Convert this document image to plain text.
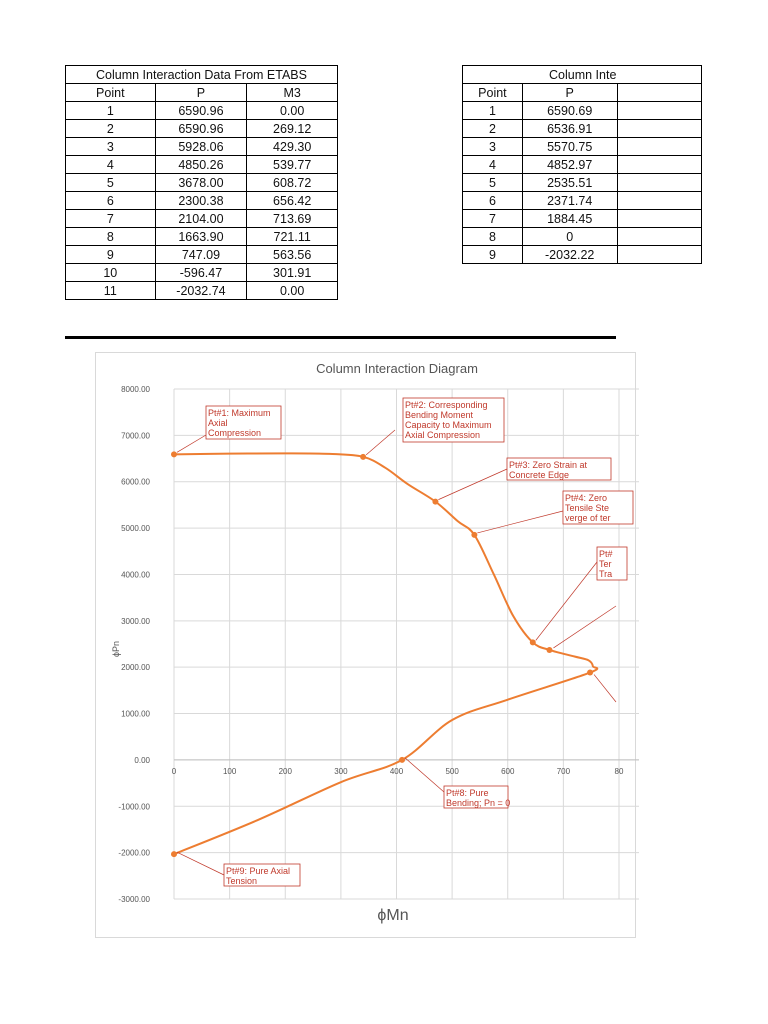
Column Interaction Data From ETABS		
Point	P	M3
1	6590.96	0.00
2	6590.96	269.12
3	5928.06	429.30
4	4850.26	539.77
5	3678.00	608.72
6	2300.38	656.42
7	2104.00	713.69
8	1663.90	721.11
9	747.09	563.56
10	-596.47	301.91
11	-2032.74	0.00
Column Inte		
Point	P	
1	6590.69	
2	6536.91	
3	5570.75	
4	4852.97	
5	2535.51	
6	2371.74	
7	1884.45	
8	0	
9	-2032.22	
8000.00
7000.00
6000.00
5000.00
4000.00
3000.00
2000.00
1000.00
0.00
-1000.00
-2000.00
-3000.00
0	100	200	300	400	500	600	700	80
Column Interaction Diagram
ϕMn
ϕPn
Pt#1: Maximum
Axial
Compression
Pt#2: Corresponding
Bending Moment
Capacity to Maximum
Axial Compression
Pt#3: Zero Strain at
Concrete Edge
Pt#4: Zero
Tensile Ste
verge of ter
Pt#
Ter
Tra
Pt#8: Pure
Bending; Pn = 0
Pt#9: Pure Axial
Tension
